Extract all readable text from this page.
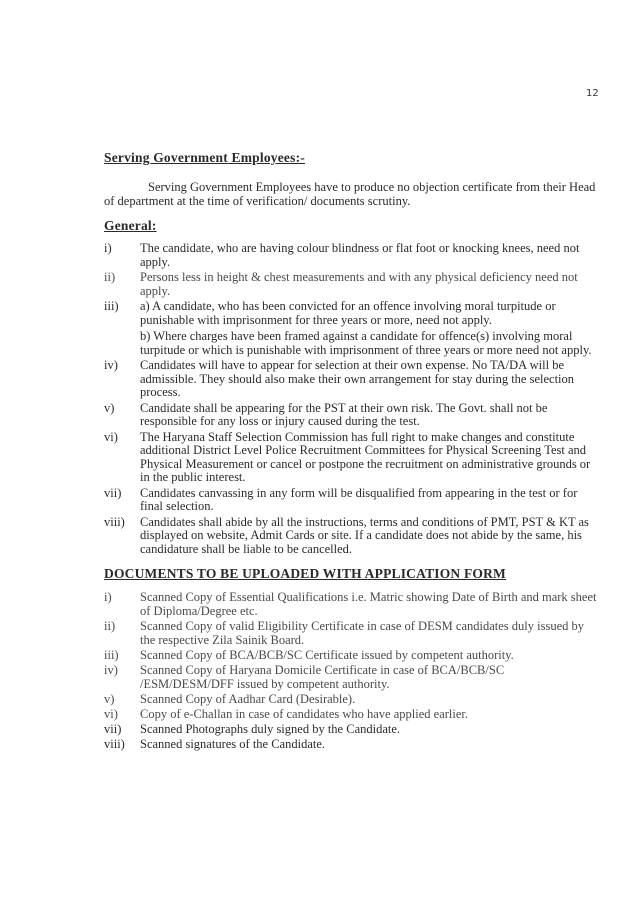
12

Serving Government Employees:-

Serving Government Employees have to produce no objection certificate from their Head of department at the time of verification/ documents scrutiny.

General:

i) The candidate, who are having colour blindness or flat foot or knocking knees, need not apply.
ii) Persons less in height & chest measurements and with any physical deficiency need not apply.
iii) a) A candidate, who has been convicted for an offence involving moral turpitude or punishable with imprisonment for three years or more, need not apply.
b) Where charges have been framed against a candidate for offence(s) involving moral turpitude or which is punishable with imprisonment of three years or more need not apply.
iv) Candidates will have to appear for selection at their own expense. No TA/DA will be admissible. They should also make their own arrangement for stay during the selection process.
v) Candidate shall be appearing for the PST at their own risk. The Govt. shall not be responsible for any loss or injury caused during the test.
vi) The Haryana Staff Selection Commission has full right to make changes and constitute additional District Level Police Recruitment Committees for Physical Screening Test and Physical Measurement or cancel or postpone the recruitment on administrative grounds or in the public interest.
vii) Candidates canvassing in any form will be disqualified from appearing in the test or for final selection.
viii) Candidates shall abide by all the instructions, terms and conditions of PMT, PST & KT as displayed on website, Admit Cards or site. If a candidate does not abide by the same, his candidature shall be liable to be cancelled.

DOCUMENTS TO BE UPLOADED WITH APPLICATION FORM

i) Scanned Copy of Essential Qualifications i.e. Matric showing Date of Birth and mark sheet of Diploma/Degree etc.
ii) Scanned Copy of valid Eligibility Certificate in case of DESM candidates duly issued by the respective Zila Sainik Board.
iii) Scanned Copy of BCA/BCB/SC Certificate issued by competent authority.
iv) Scanned Copy of Haryana Domicile Certificate in case of BCA/BCB/SC /ESM/DESM/DFF issued by competent authority.
v) Scanned Copy of Aadhar Card (Desirable).
vi) Copy of e-Challan in case of candidates who have applied earlier.
vii) Scanned Photographs duly signed by the Candidate.
viii) Scanned signatures of the Candidate.
